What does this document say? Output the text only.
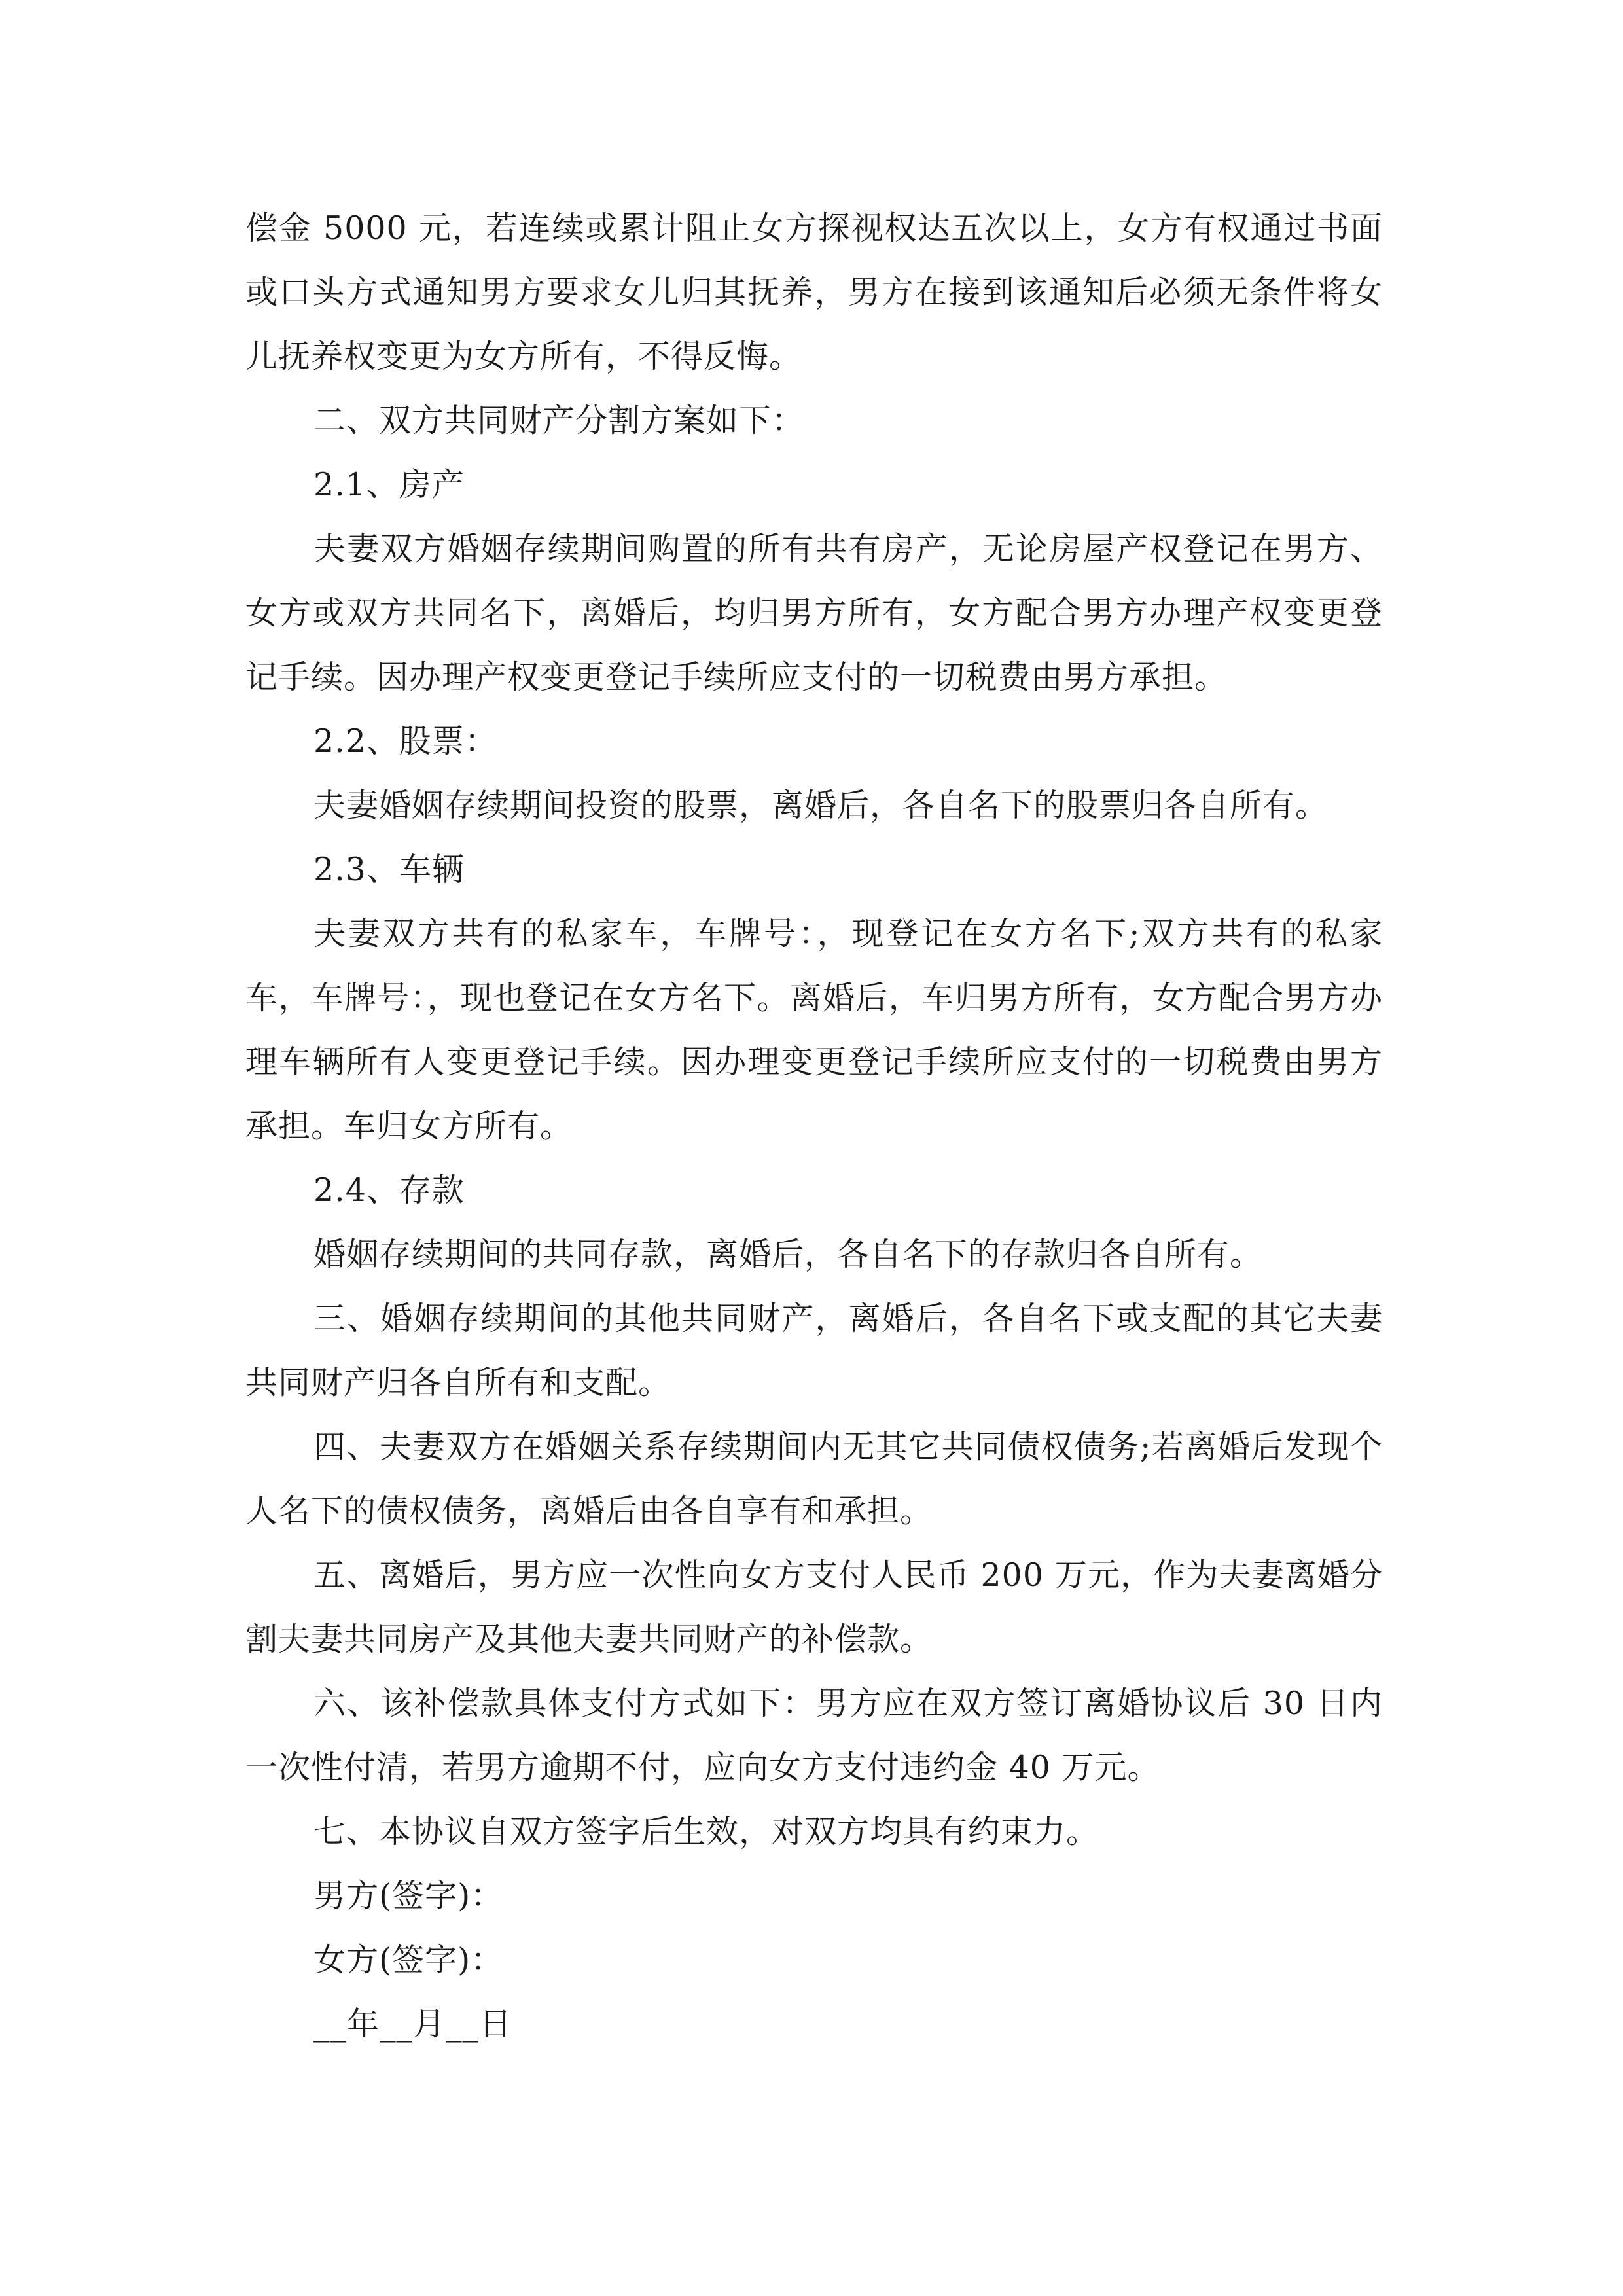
偿金 5000 元，若连续或累计阻止女方探视权达五次以上，女方有权通过书面或口头方式通知男方要求女儿归其抚养，男方在接到该通知后必须无条件将女儿抚养权变更为女方所有，不得反悔。

二、双方共同财产分割方案如下：

2.1、房产

夫妻双方婚姻存续期间购置的所有共有房产，无论房屋产权登记在男方、女方或双方共同名下，离婚后，均归男方所有，女方配合男方办理产权变更登记手续。因办理产权变更登记手续所应支付的一切税费由男方承担。

2.2、股票：

夫妻婚姻存续期间投资的股票，离婚后，各自名下的股票归各自所有。

2.3、车辆

夫妻双方共有的私家车，车牌号：，现登记在女方名下;双方共有的私家车，车牌号：，现也登记在女方名下。离婚后，车归男方所有，女方配合男方办理车辆所有人变更登记手续。因办理变更登记手续所应支付的一切税费由男方承担。车归女方所有。

2.4、存款

婚姻存续期间的共同存款，离婚后，各自名下的存款归各自所有。

三、婚姻存续期间的其他共同财产，离婚后，各自名下或支配的其它夫妻共同财产归各自所有和支配。

四、夫妻双方在婚姻关系存续期间内无其它共同债权债务;若离婚后发现个人名下的债权债务，离婚后由各自享有和承担。

五、离婚后，男方应一次性向女方支付人民币 200 万元，作为夫妻离婚分割夫妻共同房产及其他夫妻共同财产的补偿款。

六、该补偿款具体支付方式如下：男方应在双方签订离婚协议后 30 日内一次性付清，若男方逾期不付，应向女方支付违约金 40 万元。

七、本协议自双方签字后生效，对双方均具有约束力。

男方(签字)：

女方(签字)：

__年__月__日
